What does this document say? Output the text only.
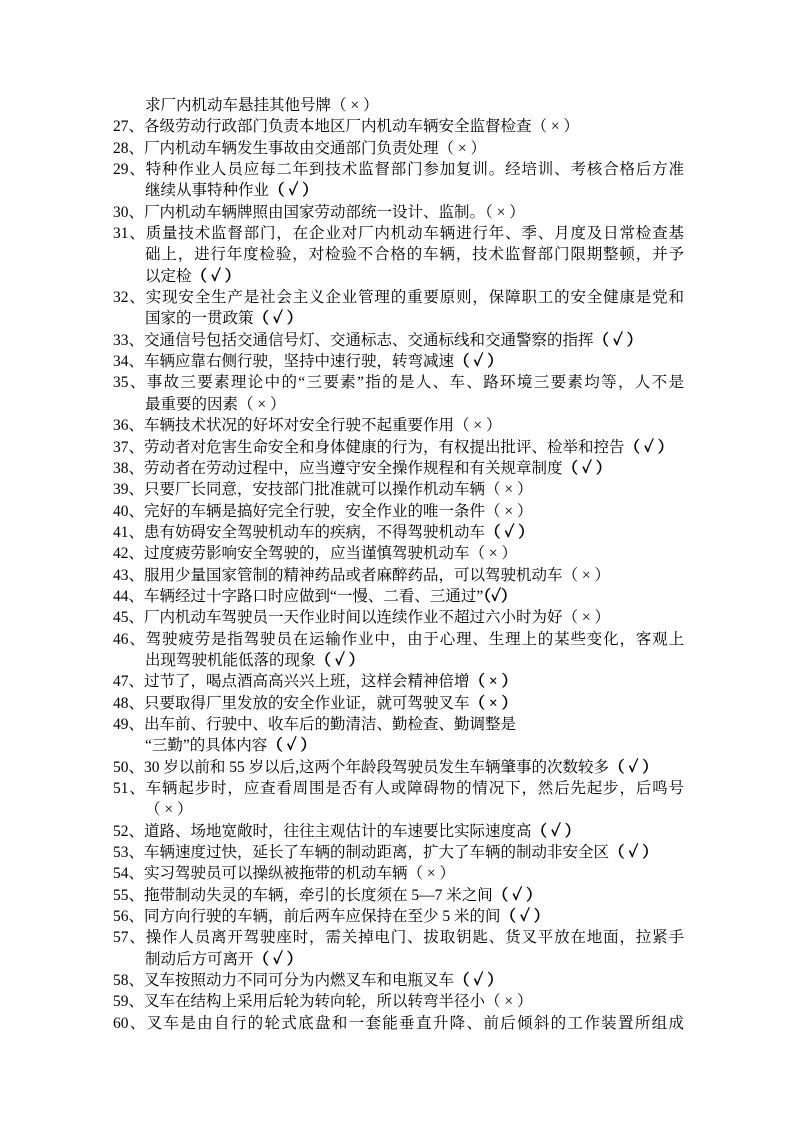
求厂内机动车悬挂其他号牌（ × ）
27、各级劳动行政部门负责本地区厂内机动车辆安全监督检查（ × ）
28、厂内机动车辆发生事故由交通部门负责处理（ × ）
29、特种作业人员应每二年到技术监督部门参加复训。经培训、考核合格后方准
继续从事特种作业（ ✓ ）
30、厂内机动车辆牌照由国家劳动部统一设计、监制。（ × ）
31、质量技术监督部门，在企业对厂内机动车辆进行年、季、月度及日常检查基
础上，进行年度检验，对检验不合格的车辆，技术监督部门限期整顿，并予
以定检（ ✓ ）
32、实现安全生产是社会主义企业管理的重要原则，保障职工的安全健康是党和
国家的一贯政策（ ✓ ）
33、交通信号包括交通信号灯、交通标志、交通标线和交通警察的指挥（ ✓ ）
34、车辆应靠右侧行驶，坚持中速行驶，转弯减速（ ✓ ）
35、事故三要素理论中的“三要素”指的是人、车、路环境三要素均等，人不是
最重要的因素（ × ）
36、车辆技术状况的好坏对安全行驶不起重要作用（ × ）
37、劳动者对危害生命安全和身体健康的行为，有权提出批评、检举和控告（ ✓ ）
38、劳动者在劳动过程中，应当遵守安全操作规程和有关规章制度（ ✓ ）
39、只要厂长同意，安技部门批准就可以操作机动车辆（ × ）
40、完好的车辆是搞好完全行驶，安全作业的唯一条件（ × ）
41、患有妨碍安全驾驶机动车的疾病，不得驾驶机动车（ ✓ ）
42、过度疲劳影响安全驾驶的，应当谨慎驾驶机动车（ × ）
43、服用少量国家管制的精神药品或者麻醉药品，可以驾驶机动车（ × ）
44、车辆经过十字路口时应做到“一慢、二看、三通过”（✓）
45、厂内机动车驾驶员一天作业时间以连续作业不超过六小时为好（ × ）
46、驾驶疲劳是指驾驶员在运输作业中，由于心理、生理上的某些变化，客观上
出现驾驶机能低落的现象（ ✓ ）
47、过节了，喝点酒高高兴兴上班，这样会精神倍增（ × ）
48、只要取得厂里发放的安全作业证，就可驾驶叉车（ × ）
49、出车前、行驶中、收车后的勤清洁、勤检查、勤调整是
“三勤”的具体内容（ ✓ ）
50、30 岁以前和 55 岁以后,这两个年龄段驾驶员发生车辆肇事的次数较多（ ✓ ）
51、车辆起步时，应查看周围是否有人或障碍物的情况下，然后先起步，后鸣号
（ × ）
52、道路、场地宽敞时，往往主观估计的车速要比实际速度高（ ✓ ）
53、车辆速度过快，延长了车辆的制动距离，扩大了车辆的制动非安全区（ ✓ ）
54、实习驾驶员可以操纵被拖带的机动车辆（ × ）
55、拖带制动失灵的车辆，牵引的长度须在 5—7 米之间（ ✓ ）
56、同方向行驶的车辆，前后两车应保持在至少 5 米的间（ ✓ ）
57、操作人员离开驾驶座时，需关掉电门、拔取钥匙、货叉平放在地面，拉紧手
制动后方可离开（ ✓ ）
58、叉车按照动力不同可分为内燃叉车和电瓶叉车（ ✓ ）
59、叉车在结构上采用后轮为转向轮，所以转弯半径小（ × ）
60、叉车是由自行的轮式底盘和一套能垂直升降、前后倾斜的工作装置所组成
